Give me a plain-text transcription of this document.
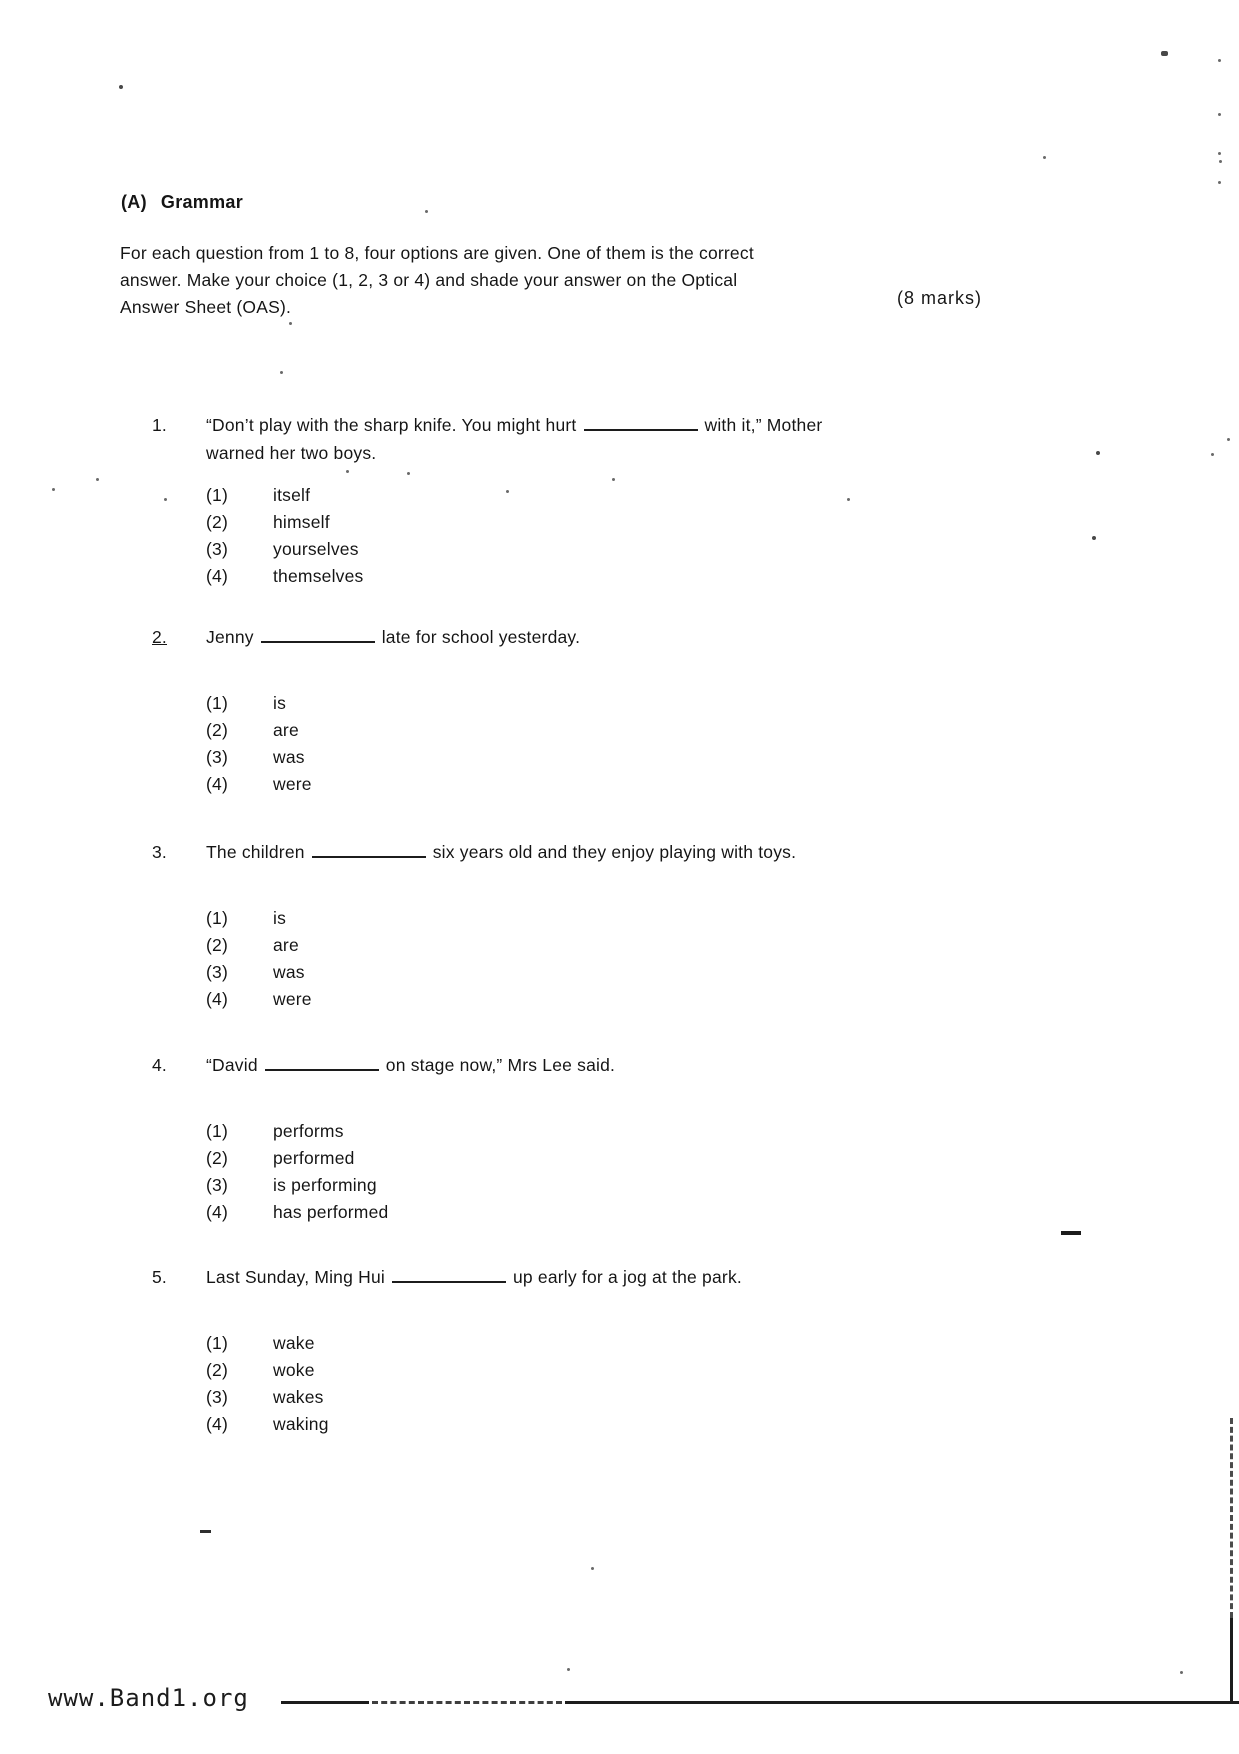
(A) Grammar
For each question from 1 to 8, four options are given. One of them is the correct
answer. Make your choice (1, 2, 3 or 4) and shade your answer on the Optical
Answer Sheet (OAS).	(8 marks)
1.	“Don’t play with the sharp knife. You might hurt	with it,” Mother
warned her two boys.
(1)	itself
(2)	himself
(3)	yourselves
(4)	themselves
2.	Jenny	late for school yesterday.
(1)	is
(2)	are
(3)	was
(4)	were
3.	The children	six years old and they enjoy playing with toys.
(1)	is
(2)	are
(3)	was
(4)	were
4.	“David	on stage now,” Mrs Lee said.
(1)	performs
(2)	performed
(3)	is performing
(4)	has performed
5.	Last Sunday, Ming Hui	up early for a jog at the park.
(1)	wake
(2)	woke
(3)	wakes
(4)	waking
www.Band1.org
